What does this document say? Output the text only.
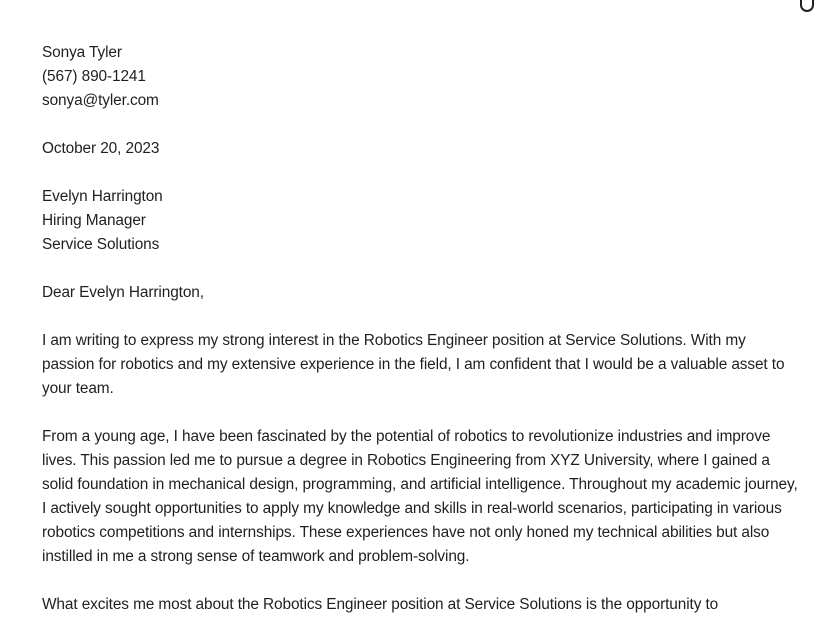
Sonya Tyler
(567) 890-1241
sonya@tyler.com
October 20, 2023
Evelyn Harrington
Hiring Manager
Service Solutions
Dear Evelyn Harrington,

I am writing to express my strong interest in the Robotics Engineer position at Service Solutions. With my passion for robotics and my extensive experience in the field, I am confident that I would be a valuable asset to your team.

From a young age, I have been fascinated by the potential of robotics to revolutionize industries and improve lives. This passion led me to pursue a degree in Robotics Engineering from XYZ University, where I gained a solid foundation in mechanical design, programming, and artificial intelligence. Throughout my academic journey, I actively sought opportunities to apply my knowledge and skills in real-world scenarios, participating in various robotics competitions and internships. These experiences have not only honed my technical abilities but also instilled in me a strong sense of teamwork and problem-solving.

What excites me most about the Robotics Engineer position at Service Solutions is the opportunity to
